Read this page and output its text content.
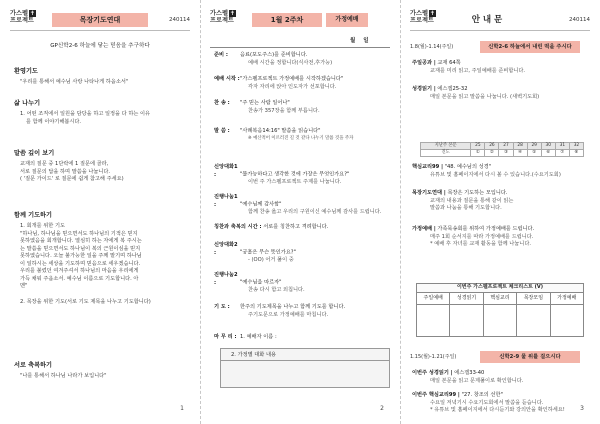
가스펠 ✝
프로젝트	목장기도연대	240114
GP신학2-6 하늘에 닿는 믿음을 추구하다
환영기도

"우리를 통해서 예수님 사랑 나타나게 하옵소서"

삶 나누기

1. 어떤 조직에서 일원을 담당을 하고 일정을 다 하는 이유

를 함께 이야기해봅시다.

말씀 깊이 보기

교재의 질문 중 1단락에 1 질문에 골라,

서로 질문의 답을 하며 말씀을 나눕니다.

( '질문 가이드' 로 질문에 쉽게 참고해 주세요)

함께 기도하기

1. 회개를 위한 기도

"하나님, 하나님을 믿으면서도 하나님의 기적은 믿지

못하였음을 회개합니다. 열심히 하는 자에게 복 주시는

는 말씀을 믿으면서도 하나님이 복의 근원이심을 믿지

못하였습니다. 오늘 불가능한 일을 주께 맡기며 하나님

이 일하시는 세상을 기도하며 믿음으로 세우겠습니다.

우리를 불렀던 여겨주셔서 하나님의 마음을 우리에게

가득 채워 주옵소서. 예수님 이름으로 기도합니다. 아

멘"

2. 목장을 위한 기도(서로 기도 제목을 나누고 기도합니다)

서로 축복하기

"나를 통해서 하나님 나라가 보입니다"

1
가스펠 ✝
프로젝트	1월 2주차	가정예배
월 일
준비 : 음료(포도주스)를 준비합니다.
예배 시간을 정합니다(식사전,후가능)
예배 시작 :"가스펠프로젝트 가정예배를 시작하겠습니다"
각자 자리에 앉아 인도자가 선포합니다.
찬 송 : "주 믿는 사람 일어나"
찬송가 357장을 함께 부릅니다.
말 씀 : "사례복음14:16" 말씀을 읽습니다"
※ 예산적어 이르러진 길 것 같다 나누기 말씀 것을 주자
신앙대화1 :	"불가능하다고 생각한 것에 가장은 무엇인가요?"
이번 주 가스펠프로젝트 주제를 나눕니다.
진행나눔1 :	"예수님께 감사함"
함께 찬송 읊고 우리의 구원이신 예수님께 감사를 드립니다.
칭찬과 축복의 시간 : 서로를 칭찬하고 격려합니다.
신앙대화2 :	"궁홀은 무슨 뜻인가요?"
- (OO) 어거 풀이 중
진행나눔2 :	"예수님을 따르자"
찬송 다시 함고 외칩니다.
기 도 : 한주의 기도제목을 나누고 함께 기도를 합니다.
주기도문으로 가정예배를 마칩니다.
마 무 리 : 1. 예배자 이름 :
2. 가정별 대화 내용
2
가스펠 ✝
프로젝트	안 내 문	240114
1.8(월)-1.14(주일)	신학2-6 하늘에서 내린 떡을 주시다
주일공과 | 교재 64쪽
교재를 미리 읽고, 주일예배를 준비합니다.
성경읽기 | 에스겔25-32
매일 본문을 읽고 말씀을 나눕니다. (새벽기도회)
지난주 본문	25	26	27	28	29	30	31	32
진도	①	②	③	④	⑤	⑥	⑦	⑧
핵심교리99 | "48. 예수님의 성경"
유튜브 및 홈페이지에서 다시 볼 수 있습니다.(수요기도회)
목장기도연대 | 목장은 기도하는 모입니다.
교재의 내용과 질문을 통해 같이 읽는
말씀과 나눔을 통해 기도합니다.
가정예배 | 가족묵송회를 위하여 가정예배를 드립니다.
매주 1회 순서지를 따라 가정예배를 드립니다.
* 예배 후 자녀를 교재 활동을 함께 나눕니다.
이번주 가스펠프로젝트 체크리스트 (V)				
주일예배	성경읽기	핵심교리	목장모임	가정예배

1.15(월)-1.21(주일)	신학2-9 물 위를 걸으시다
이번주 성경읽기 | 에스겔33-40
매일 본문을 읽고 문제풀이로 확인합니다.
이번주 핵심교리99 | "27. 창조의 선한"
수요일 저녁기시 수요기도회에서 말씀을 듣습니다.
* 유튜브 및 홈페이지에서 다시듣기와 강의안을 확인하세요!	3
